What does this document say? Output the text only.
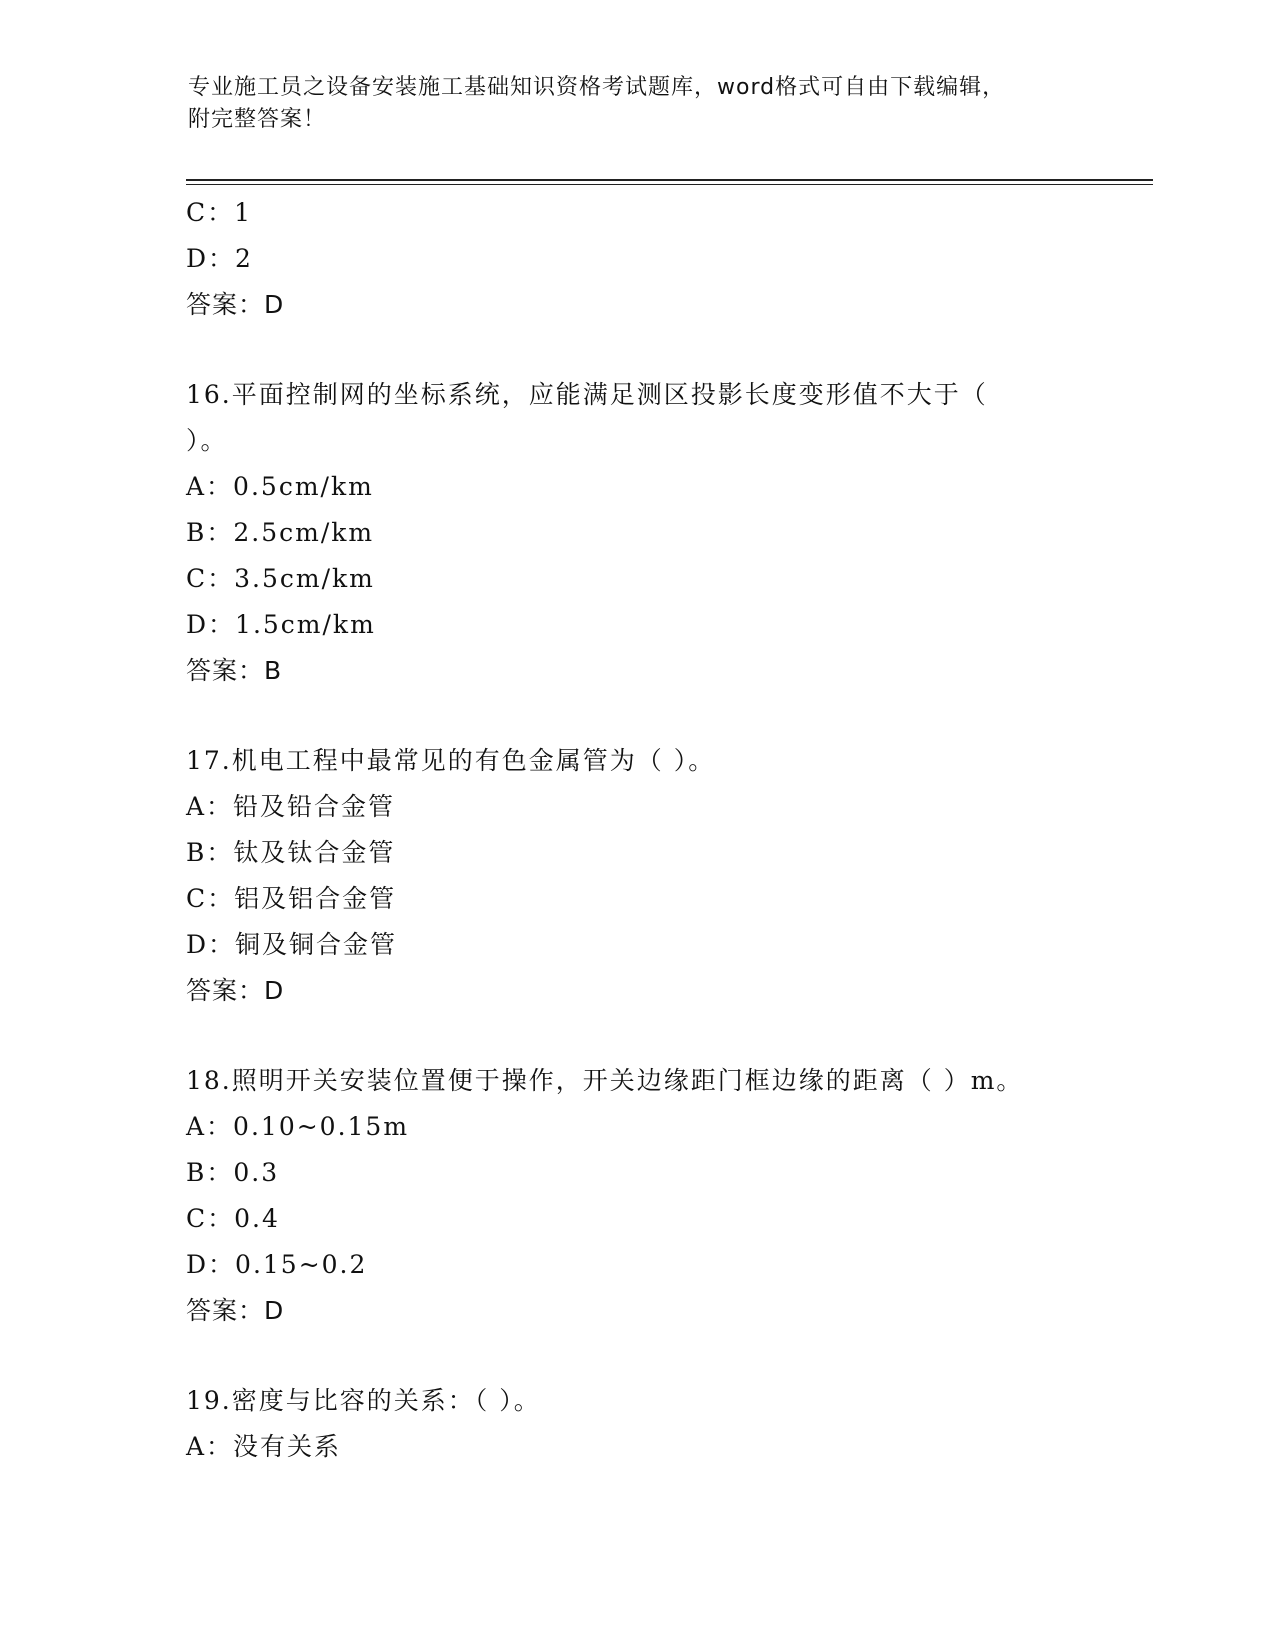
专业施工员之设备安装施工基础知识资格考试题库，word格式可自由下载编辑，
附完整答案！
C：1
D：2
答案：D
16.平面控制网的坐标系统，应能满足测区投影长度变形值不大于（
）。
A：0.5cm/km
B：2.5cm/km
C：3.5cm/km
D：1.5cm/km
答案：B
17.机电工程中最常见的有色金属管为（ ）。
A：铅及铅合金管
B：钛及钛合金管
C：铝及铝合金管
D：铜及铜合金管
答案：D
18.照明开关安装位置便于操作，开关边缘距门框边缘的距离（ ）m。
A：0.10~0.15m
B：0.3
C：0.4
D：0.15~0.2
答案：D
19.密度与比容的关系：（ ）。
A：没有关系
